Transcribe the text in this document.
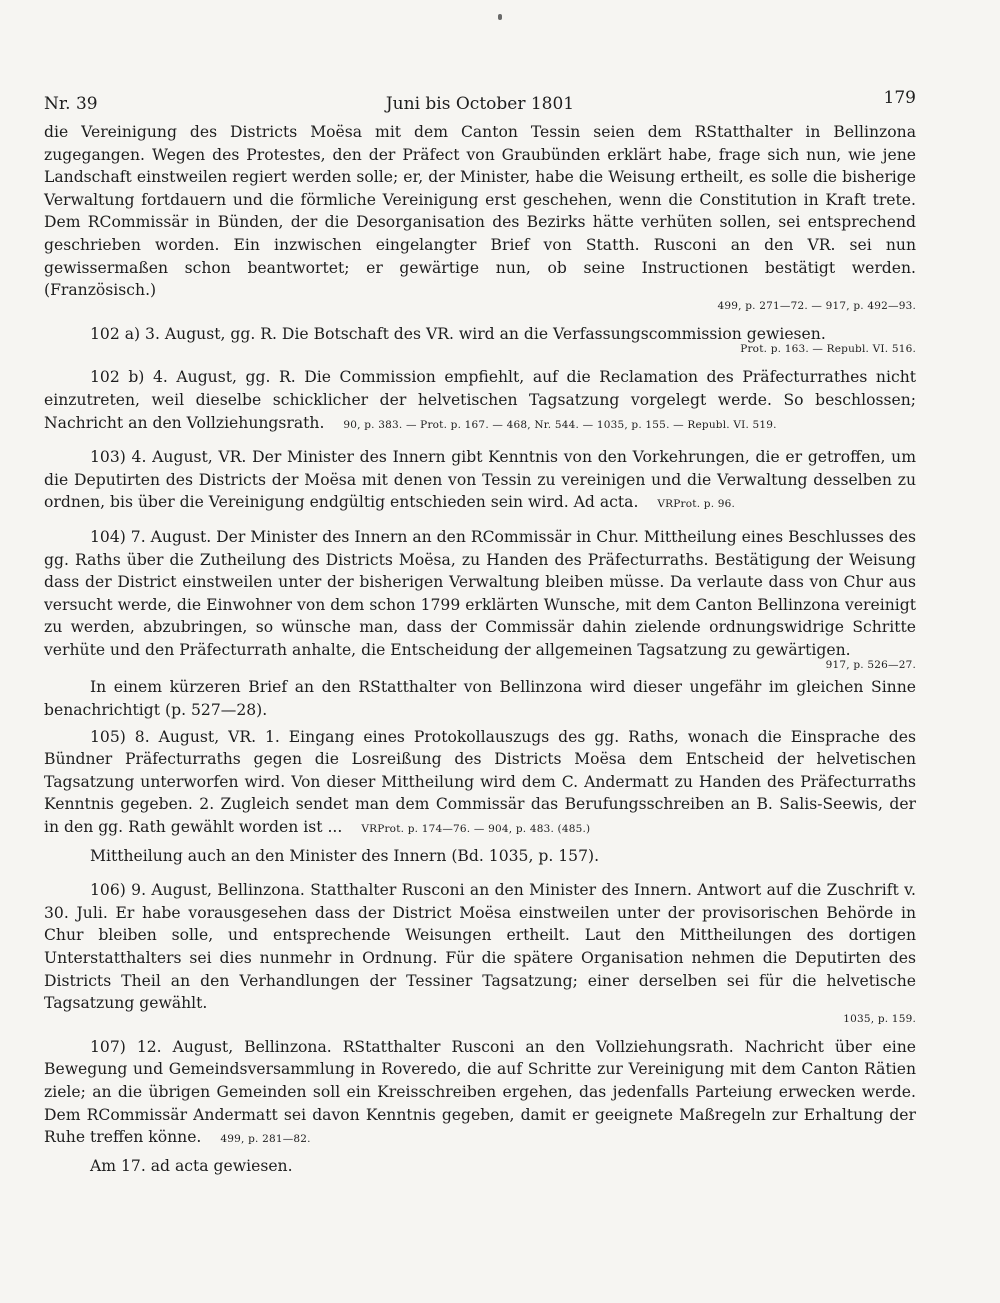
Nr. 39	Juni bis October 1801	179

die Vereinigung des Districts Moësa mit dem Canton Tessin seien dem RStatthalter in Bellinzona zugegangen. Wegen des Protestes, den der Präfect von Graubünden erklärt habe, frage sich nun, wie jene Landschaft einstweilen regiert werden solle; er, der Minister, habe die Weisung ertheilt, es solle die bisherige Verwaltung fortdauern und die förmliche Vereinigung erst geschehen, wenn die Constitution in Kraft trete. Dem RCommissär in Bünden, der die Desorganisation des Bezirks hätte verhüten sollen, sei entsprechend geschrieben worden. Ein inzwischen eingelangter Brief von Statth. Rusconi an den VR. sei nun gewissermaßen schon beantwortet; er gewärtige nun, ob seine Instructionen bestätigt werden. (Französisch.)

499, p. 271—72. — 917, p. 492—93.

102 a) 3. August, gg. R. Die Botschaft des VR. wird an die Verfassungscommission gewiesen.

Prot. p. 163. — Republ. VI. 516.

102 b) 4. August, gg. R. Die Commission empfiehlt, auf die Reclamation des Präfecturrathes nicht einzutreten, weil dieselbe schicklicher der helvetischen Tagsatzung vorgelegt werde. So beschlossen; Nachricht an den Vollziehungsrath. 90, p. 383. — Prot. p. 167. — 468, Nr. 544. — 1035, p. 155. — Republ. VI. 519.

103) 4. August, VR. Der Minister des Innern gibt Kenntnis von den Vorkehrungen, die er getroffen, um die Deputirten des Districts der Moësa mit denen von Tessin zu vereinigen und die Verwaltung desselben zu ordnen, bis über die Vereinigung endgültig entschieden sein wird. Ad acta. VRProt. p. 96.

104) 7. August. Der Minister des Innern an den RCommissär in Chur. Mittheilung eines Beschlusses des gg. Raths über die Zutheilung des Districts Moësa, zu Handen des Präfecturraths. Bestätigung der Weisung dass der District einstweilen unter der bisherigen Verwaltung bleiben müsse. Da verlaute dass von Chur aus versucht werde, die Einwohner von dem schon 1799 erklärten Wunsche, mit dem Canton Bellinzona vereinigt zu werden, abzubringen, so wünsche man, dass der Commissär dahin zielende ordnungswidrige Schritte verhüte und den Präfecturrath anhalte, die Entscheidung der allgemeinen Tagsatzung zu gewärtigen.

917, p. 526—27.

In einem kürzeren Brief an den RStatthalter von Bellinzona wird dieser ungefähr im gleichen Sinne benachrichtigt (p. 527—28).

105) 8. August, VR. 1. Eingang eines Protokollauszugs des gg. Raths, wonach die Einsprache des Bündner Präfecturraths gegen die Losreißung des Districts Moësa dem Entscheid der helvetischen Tagsatzung unterworfen wird. Von dieser Mittheilung wird dem C. Andermatt zu Handen des Präfecturraths Kenntnis gegeben. 2. Zugleich sendet man dem Commissär das Berufungsschreiben an B. Salis-Seewis, der in den gg. Rath gewählt worden ist ... VRProt. p. 174—76. — 904, p. 483. (485.)

Mittheilung auch an den Minister des Innern (Bd. 1035, p. 157).

106) 9. August, Bellinzona. Statthalter Rusconi an den Minister des Innern. Antwort auf die Zuschrift v. 30. Juli. Er habe vorausgesehen dass der District Moësa einstweilen unter der provisorischen Behörde in Chur bleiben solle, und entsprechende Weisungen ertheilt. Laut den Mittheilungen des dortigen Unterstatthalters sei dies nunmehr in Ordnung. Für die spätere Organisation nehmen die Deputirten des Districts Theil an den Verhandlungen der Tessiner Tagsatzung; einer derselben sei für die helvetische Tagsatzung gewählt.

1035, p. 159.

107) 12. August, Bellinzona. RStatthalter Rusconi an den Vollziehungsrath. Nachricht über eine Bewegung und Gemeindsversammlung in Roveredo, die auf Schritte zur Vereinigung mit dem Canton Rätien ziele; an die übrigen Gemeinden soll ein Kreisschreiben ergehen, das jedenfalls Parteiung erwecken werde. Dem RCommissär Andermatt sei davon Kenntnis gegeben, damit er geeignete Maßregeln zur Erhaltung der Ruhe treffen könne. 499, p. 281—82.

Am 17. ad acta gewiesen.
